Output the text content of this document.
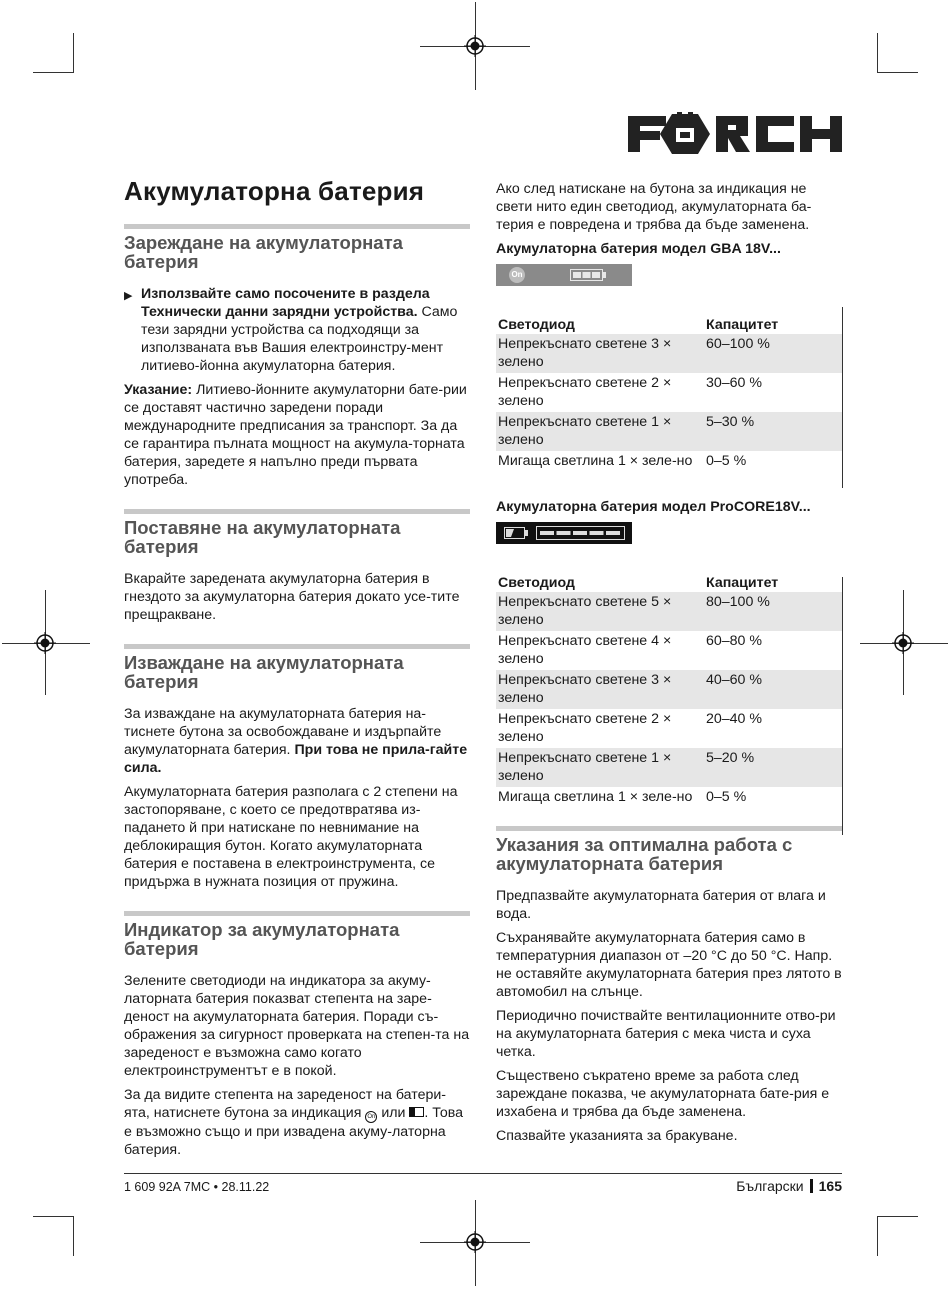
Акумулаторна батерия
Зареждане на акумулаторната батерия
▶ Използвайте само посочените в раздела Технически данни зарядни устройства. Само тези зарядни устройства са подходящи за използваната във Вашия електроинстру-мент литиево-йонна акумулаторна батерия.

Указание: Литиево-йонните акумулаторни бате-рии се доставят частично заредени поради международните предписания за транспорт. За да се гарантира пълната мощност на акумула-торната батерия, заредете я напълно преди първата употреба.

Поставяне на акумулаторната батерия

Вкарайте заредената акумулаторна батерия в гнездото за акумулаторна батерия докато усе-тите прещракване.

Изваждане на акумулаторната батерия

За изваждане на акумулаторната батерия на-тиснете бутона за освобождаване и издърпайте акумулаторната батерия. При това не прила-гайте сила.

Акумулаторната батерия разполага с 2 степени на застопоряване, с което се предотвратява из-падането й при натискане по невнимание на деблокиращия бутон. Когато акумулаторната батерия е поставена в електроинструмента, се придържа в нужната позиция от пружина.

Индикатор за акумулаторната батерия

Зелените светодиоди на индикатора за акуму-латорната батерия показват степента на заре-деност на акумулаторната батерия. Поради съ-ображения за сигурност проверката на степен-та на зареденост е възможна само когато електроинструментът е в покой.

За да видите степента на зареденост на батери-ята, натиснете бутона за индикация On или . Това е възможно също и при извадена акуму-латорна батерия.

Ако след натискане на бутона за индикация не свети нито един светодиод, акумулаторната ба-терия е повредена и трябва да бъде заменена.

Акумулаторна батерия модел GBA 18V...

On
Светодиод	Капацитет
Непрекъснато светене 3 × зелено	60–100 %
Непрекъснато светене 2 × зелено	30–60 %
Непрекъснато светене 1 × зелено	5–30 %
Мигаща светлина 1 × зеле-но	0–5 %

Акумулаторна батерия модел ProCORE18V...

Светодиод	Капацитет
Непрекъснато светене 5 × зелено	80–100 %
Непрекъснато светене 4 × зелено	60–80 %
Непрекъснато светене 3 × зелено	40–60 %
Непрекъснато светене 2 × зелено	20–40 %
Непрекъснато светене 1 × зелено	5–20 %
Мигаща светлина 1 × зеле-но	0–5 %
Указания за оптимална работа с акумулаторната батерия

Предпазвайте акумулаторната батерия от влага и вода.

Съхранявайте акумулаторната батерия само в температурния диапазон от –20 °C до 50 °C. Напр. не оставяйте акумулаторната батерия през лятото в автомобил на слънце.

Периодично почиствайте вентилационните отво-ри на акумулаторната батерия с мека чиста и суха четка.

Съществено съкратено време за работа след зареждане показва, че акумулаторната бате-рия е изхабена и трябва да бъде заменена.

Спазвайте указанията за бракуване.

1 609 92A 7MC • 28.11.22	Български 165
